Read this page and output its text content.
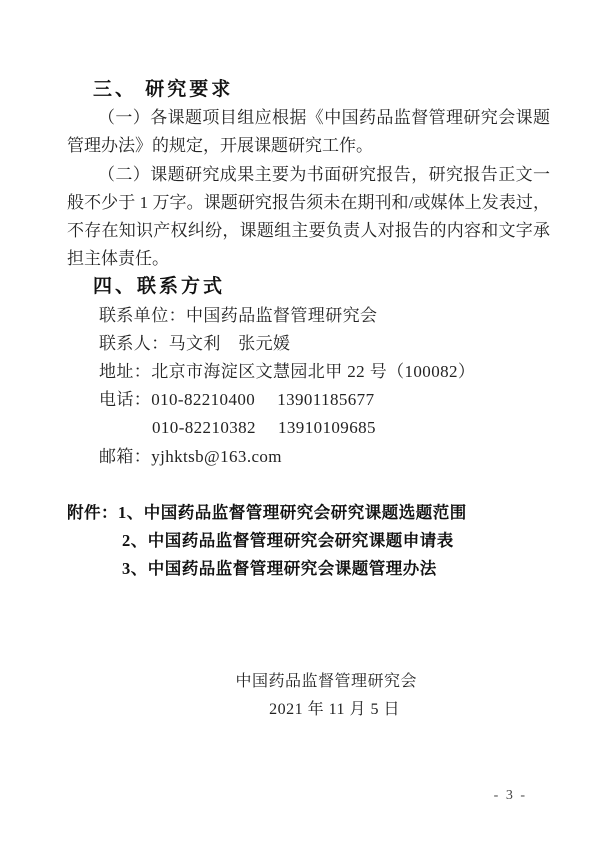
三、 研究要求
（一）各课题项目组应根据《中国药品监督管理研究会课题
管理办法》的规定，开展课题研究工作。
（二）课题研究成果主要为书面研究报告，研究报告正文一
般不少于 1 万字。课题研究报告须未在期刊和/或媒体上发表过，
不存在知识产权纠纷，课题组主要负责人对报告的内容和文字承
担主体责任。
四、联系方式
联系单位：中国药品监督管理研究会
联系人：马文利　张元媛
地址：北京市海淀区文慧园北甲 22 号（100082）
电话：010-82210400　 13901185677
010-82210382　 13910109685
邮箱：yjhktsb@163.com
附件：1、中国药品监督管理研究会研究课题选题范围
2、中国药品监督管理研究会研究课题申请表
3、中国药品监督管理研究会课题管理办法
中国药品监督管理研究会
2021 年 11 月 5 日
- 3 -
